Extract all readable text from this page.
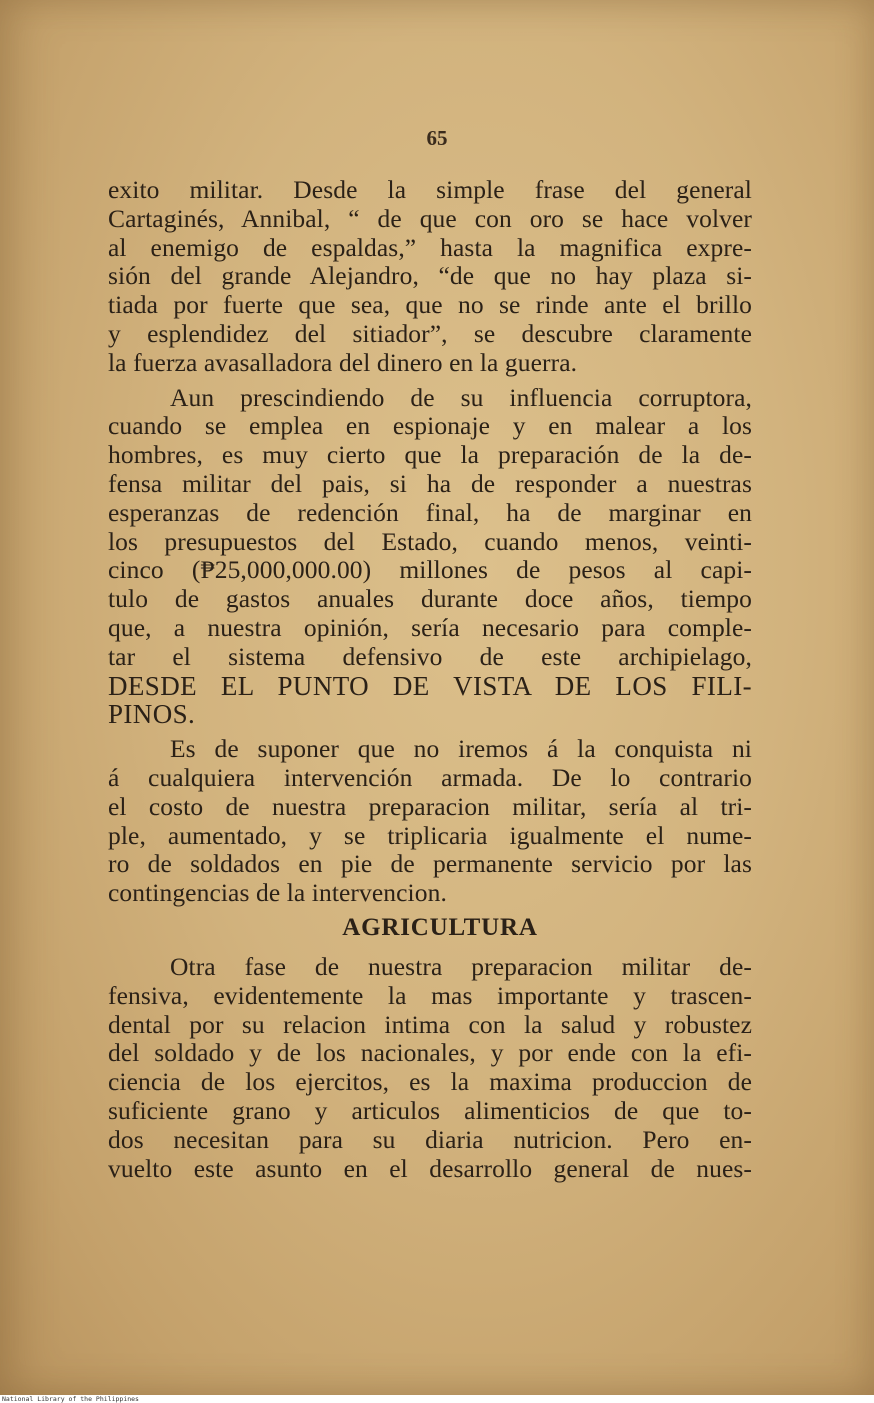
65
exito militar. Desde la simple frase del general
Cartaginés, Annibal, “ de que con oro se hace volver
al enemigo de espaldas,” hasta la magnifica expre-
sión del grande Alejandro, “de que no hay plaza si-
tiada por fuerte que sea, que no se rinde ante el brillo
y esplendidez del sitiador”, se descubre claramente
la fuerza avasalladora del dinero en la guerra.
Aun prescindiendo de su influencia corruptora,
cuando se emplea en espionaje y en malear a los
hombres, es muy cierto que la preparación de la de-
fensa militar del pais, si ha de responder a nuestras
esperanzas de redención final, ha de marginar en
los presupuestos del Estado, cuando menos, veinti-
cinco (₱25,000,000.00) millones de pesos al capi-
tulo de gastos anuales durante doce años, tiempo
que, a nuestra opinión, sería necesario para comple-
tar el sistema defensivo de este archipielago,
DESDE EL PUNTO DE VISTA DE LOS FILI-
PINOS.
Es de suponer que no iremos á la conquista ni
á cualquiera intervención armada. De lo contrario
el costo de nuestra preparacion militar, sería al tri-
ple, aumentado, y se triplicaria igualmente el nume-
ro de soldados en pie de permanente servicio por las
contingencias de la intervencion.
AGRICULTURA
Otra fase de nuestra preparacion militar de-
fensiva, evidentemente la mas importante y trascen-
dental por su relacion intima con la salud y robustez
del soldado y de los nacionales, y por ende con la efi-
ciencia de los ejercitos, es la maxima produccion de
suficiente grano y articulos alimenticios de que to-
dos necesitan para su diaria nutricion. Pero en-
vuelto este asunto en el desarrollo general de nues-
National Library of the Philippines
